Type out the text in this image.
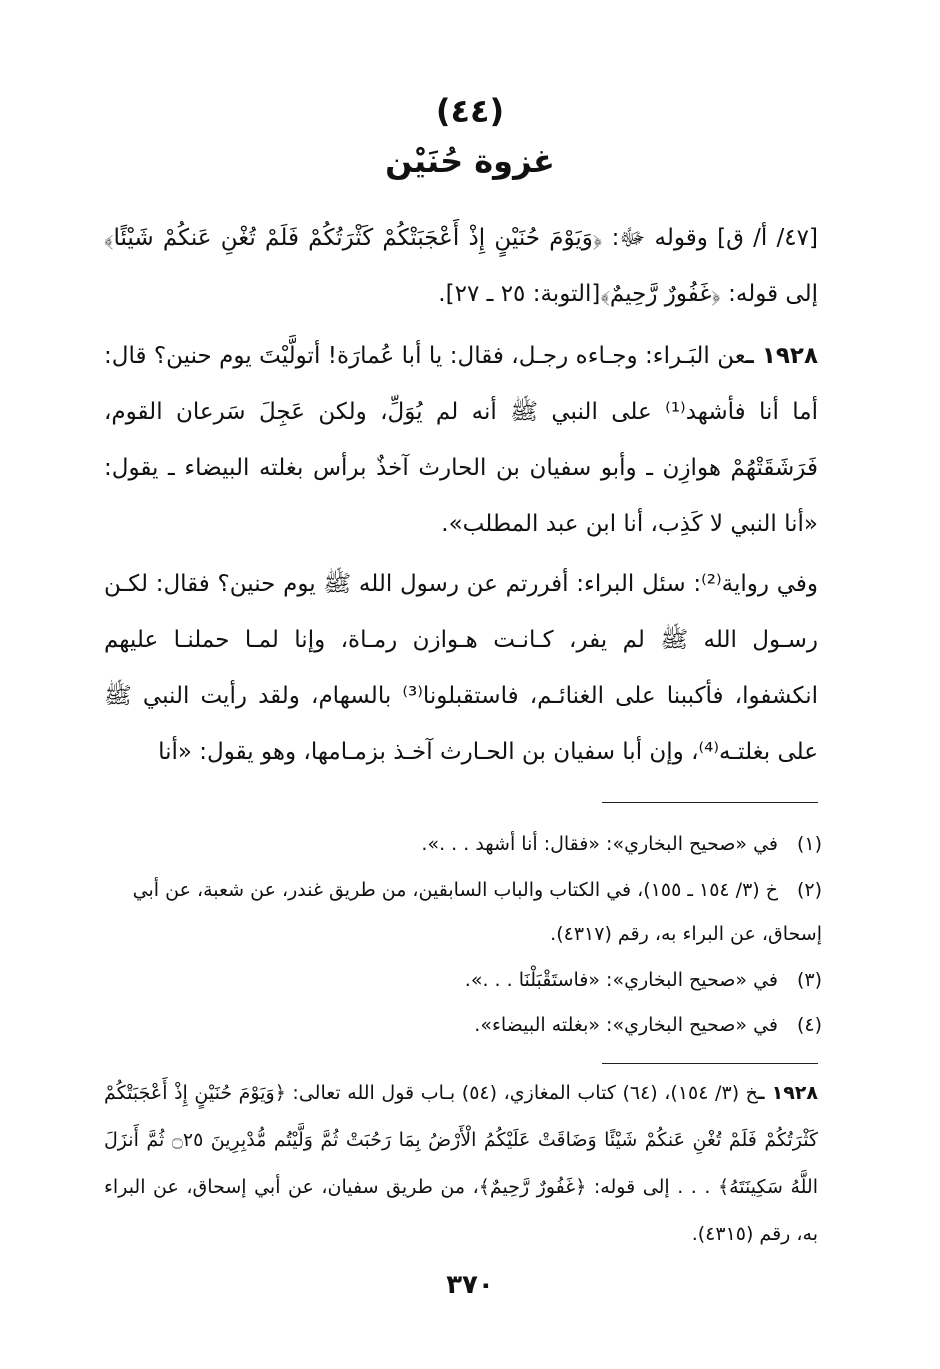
(٤٤)
غزوة حُنَيْن
[٤٧/ أ/ ق] وقوله ﷻ: ﴿وَيَوْمَ حُنَيْنٍ إِذْ أَعْجَبَتْكُمْ كَثْرَتُكُمْ فَلَمْ تُغْنِ عَنكُمْ شَيْئًا﴾ إلى قوله: ﴿غَفُورٌ رَّحِيمٌ﴾[التوبة: ٢٥ ـ ٢٧].
١٩٢٨ ـعن البَـراء: وجـاءه رجـل، فقال: يا أبا عُمارَة! أتولَّيْتَ يوم حنين؟ قال: أما أنا فأشهد⁽¹⁾ على النبي ﷺ أنه لم يُوَلِّ، ولكن عَجِلَ سَرعان القوم، فَرَشَقَتْهُمْ هوازِن ـ وأبو سفيان بن الحارث آخذٌ برأس بغلته البيضاء ـ يقول: «أنا النبي لا كَذِب، أنا ابن عبد المطلب».
وفي رواية⁽²⁾: سئل البراء: أفررتم عن رسول الله ﷺ يوم حنين؟ فقال: لكـن رسـول الله ﷺ لم يفر، كـانـت هـوازن رمـاة، وإنا لمـا حملنـا عليهم انكشفوا، فأكببنا على الغنائـم، فاستقبلونا⁽³⁾ بالسهام، ولقد رأيت النبي ﷺ على بغلتـه⁽⁴⁾، وإن أبا سفيان بن الحـارث آخـذ بزمـامها، وهو يقول: «أنا
(١)في «صحيح البخاري»: «فقال: أنا أشهد . . .».
(٢)خ (٣/ ١٥٤ ـ ١٥٥)، في الكتاب والباب السابقين، من طريق غندر، عن شعبة، عن أبي إسحاق، عن البراء به، رقم (٤٣١٧).
(٣)في «صحيح البخاري»: «فاستَقْبَلْنَا . . .».
(٤)في «صحيح البخاري»: «بغلته البيضاء».
١٩٢٨ ـخ (٣/ ١٥٤)، (٦٤) كتاب المغازي، (٥٤) بـاب قول الله تعالى: ﴿وَيَوْمَ حُنَيْنٍ إِذْ أَعْجَبَتْكُمْ كَثْرَتُكُمْ فَلَمْ تُغْنِ عَنكُمْ شَيْئًا وَضَاقَتْ عَلَيْكُمُ الْأَرْضُ بِمَا رَحُبَتْ ثُمَّ وَلَّيْتُم مُّدْبِرِينَ ۝٢٥ ثُمَّ أَنزَلَ اللَّهُ سَكِينَتَهُ﴾ . . . إلى قوله: ﴿غَفُورٌ رَّحِيمٌ﴾، من طريق سفيان، عن أبي إسحاق، عن البراء به، رقم (٤٣١٥).
٣٧٠
